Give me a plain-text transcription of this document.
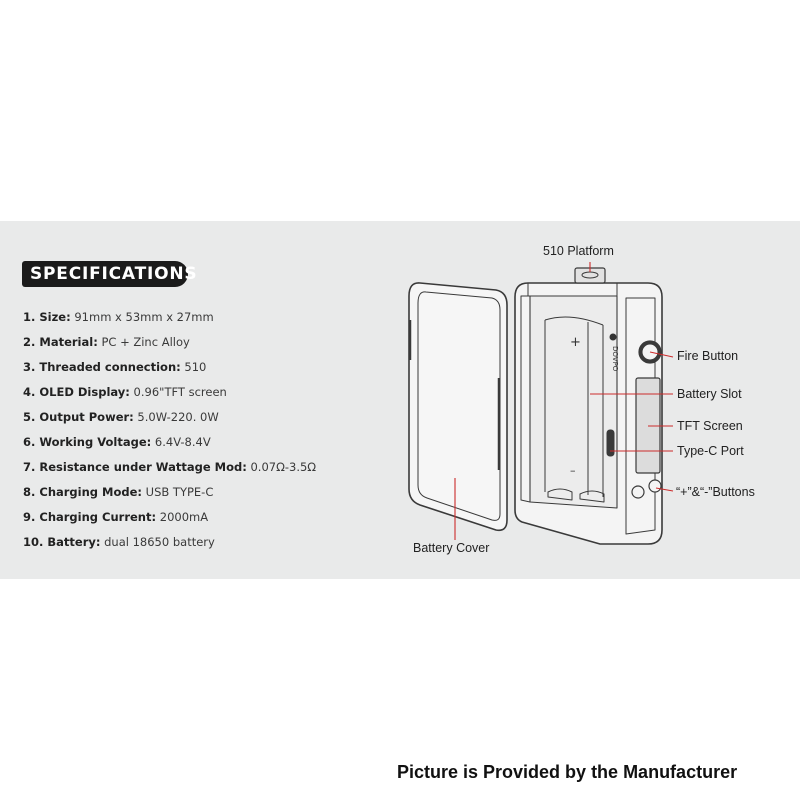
SPECIFICATIONS
1. Size: 91mm x 53mm x 27mm
2. Material: PC + Zinc Alloy
3. Threaded connection: 510
4. OLED Display: 0.96"TFT screen
5. Output Power: 5.0W-220. 0W
6. Working Voltage: 6.4V-8.4V
7. Resistance under Wattage Mod: 0.07Ω-3.5Ω
8. Charging Mode: USB TYPE-C
9. Charging Current: 2000mA
10. Battery: dual 18650 battery
DOVPO
+
–
510 Platform
Fire Button
Battery Slot
TFT Screen
Type-C Port
“+”&“-”Buttons
Battery Cover
Picture is Provided by the Manufacturer
